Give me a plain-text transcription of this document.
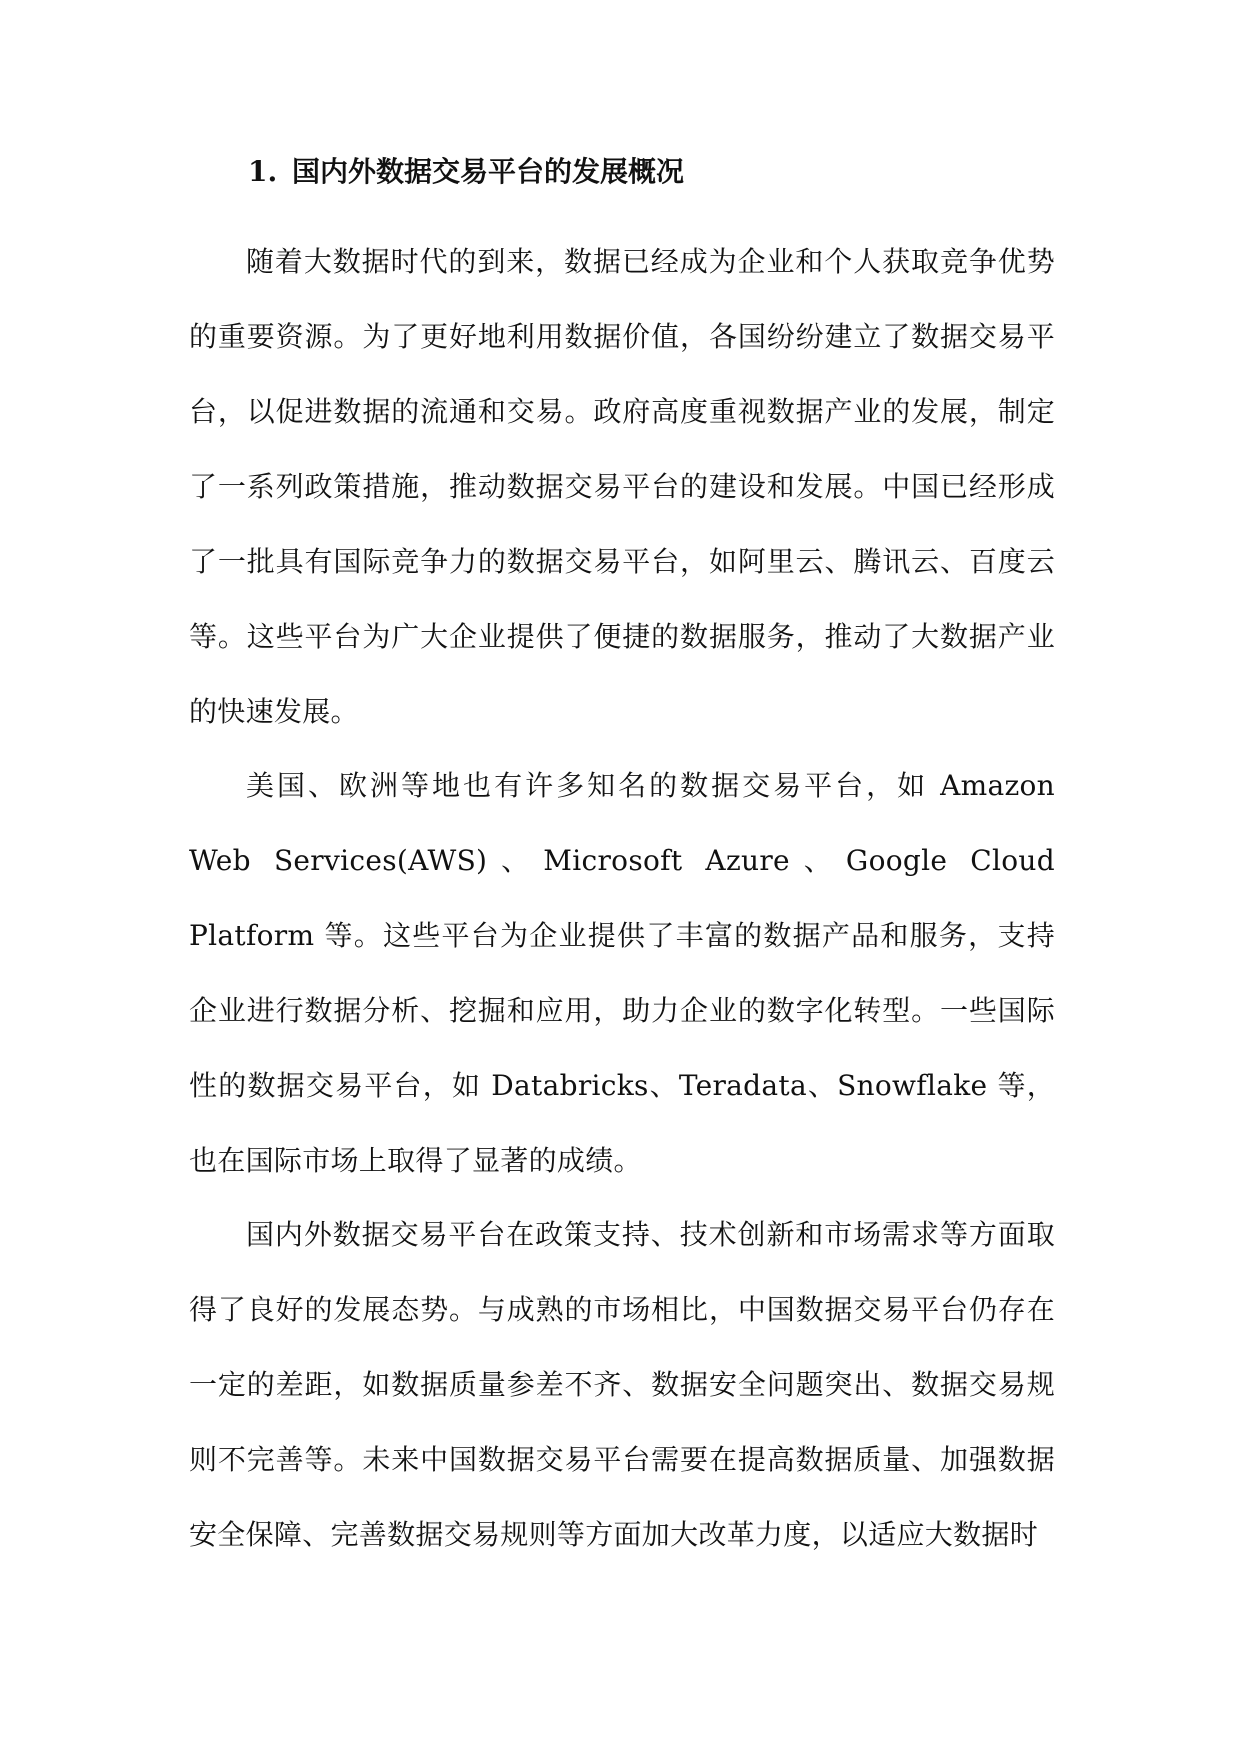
1. 国内外数据交易平台的发展概况

随着大数据时代的到来，数据已经成为企业和个人获取竞争优势的重要资源。为了更好地利用数据价值，各国纷纷建立了数据交易平台，以促进数据的流通和交易。政府高度重视数据产业的发展，制定了一系列政策措施，推动数据交易平台的建设和发展。中国已经形成了一批具有国际竞争力的数据交易平台，如阿里云、腾讯云、百度云等。这些平台为广大企业提供了便捷的数据服务，推动了大数据产业的快速发展。

美国、欧洲等地也有许多知名的数据交易平台，如 Amazon Web Services(AWS)、Microsoft Azure、Google Cloud Platform 等。这些平台为企业提供了丰富的数据产品和服务，支持企业进行数据分析、挖掘和应用，助力企业的数字化转型。一些国际性的数据交易平台，如 Databricks、Teradata、Snowflake 等，也在国际市场上取得了显著的成绩。

国内外数据交易平台在政策支持、技术创新和市场需求等方面取得了良好的发展态势。与成熟的市场相比，中国数据交易平台仍存在一定的差距，如数据质量参差不齐、数据安全问题突出、数据交易规则不完善等。未来中国数据交易平台需要在提高数据质量、加强数据安全保障、完善数据交易规则等方面加大改革力度，以适应大数据时
